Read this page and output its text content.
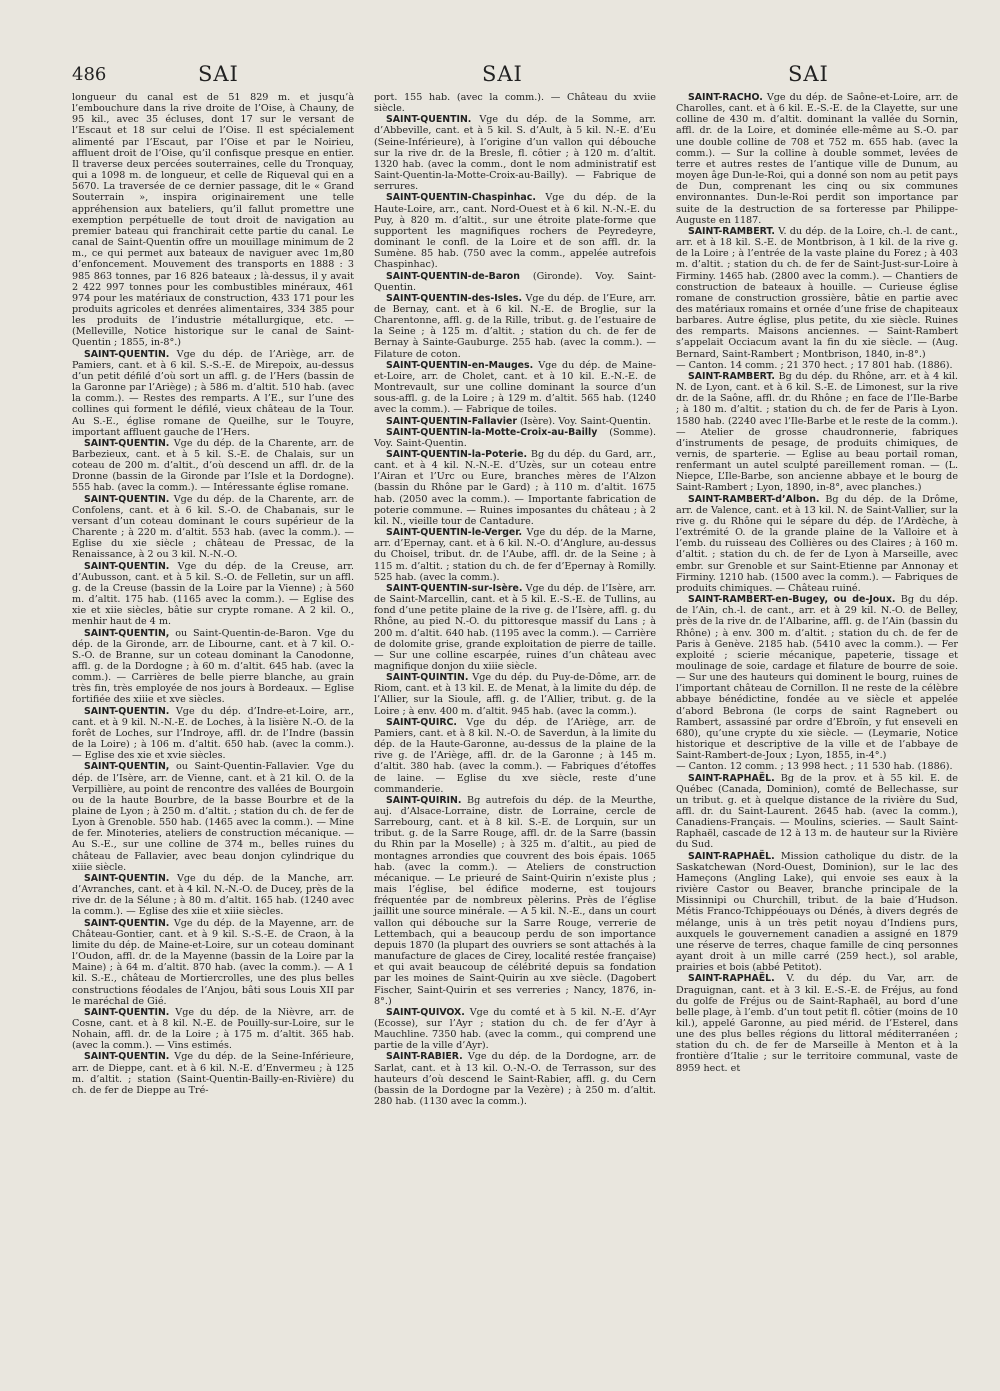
486	SAI	SAI	SAI

longueur du canal est de 51 829 m. et jusqu’à l’embouchure dans la rive droite de l’Oise, à Chauny, de 95 kil., avec 35 écluses, dont 17 sur le versant de l’Escaut et 18 sur celui de l’Oise. Il est spécialement alimenté par l’Escaut, par l’Oise et par le Noirieu, affluent droit de l’Oise, qu’il confisque presque en entier. Il traverse deux percées souterraines, celle du Tronquay, qui a 1098 m. de longueur, et celle de Riqueval qui en a 5670. La traversée de ce dernier passage, dit le « Grand Souterrain », inspira originairement une telle appréhension aux bateliers, qu’il fallut promettre une exemption perpétuelle de tout droit de navigation au premier bateau qui franchirait cette partie du canal. Le canal de Saint-Quentin offre un mouillage minimum de 2 m., ce qui permet aux bateaux de naviguer avec 1m,80 d’enfoncement. Mouvement des transports en 1888 : 3 985 863 tonnes, par 16 826 bateaux ; là-dessus, il y avait 2 422 997 tonnes pour les combustibles minéraux, 461 974 pour les matériaux de construction, 433 171 pour les produits agricoles et denrées alimentaires, 334 385 pour les produits de l’industrie métallurgique, etc. — (Melleville, Notice historique sur le canal de Saint-Quentin ; 1855, in-8°.)

SAINT-QUENTIN. Vge du dép. de l’Ariège, arr. de Pamiers, cant. et à 6 kil. S.-S.-E. de Mirepoix, au-dessus d’un petit défilé d’où sort un affl. g. de l’Hers (bassin de la Garonne par l’Ariège) ; à 586 m. d’altit. 510 hab. (avec la comm.). — Restes des remparts. A l’E., sur l’une des collines qui forment le défilé, vieux château de la Tour. Au S.-E., église romane de Queilhe, sur le Touyre, important affluent gauche de l’Hers.

SAINT-QUENTIN. Vge du dép. de la Charente, arr. de Barbezieux, cant. et à 5 kil. S.-E. de Chalais, sur un coteau de 200 m. d’altit., d’où descend un affl. dr. de la Dronne (bassin de la Gironde par l’Isle et la Dordogne). 555 hab. (avec la comm.). — Intéressante église romane.

SAINT-QUENTIN. Vge du dép. de la Charente, arr. de Confolens, cant. et à 6 kil. S.-O. de Chabanais, sur le versant d’un coteau dominant le cours supérieur de la Charente ; à 220 m. d’altit. 553 hab. (avec la comm.). — Eglise du xie siècle ; château de Pressac, de la Renaissance, à 2 ou 3 kil. N.-N.-O.

SAINT-QUENTIN. Vge du dép. de la Creuse, arr. d’Aubusson, cant. et à 5 kil. S.-O. de Felletin, sur un affl. g. de la Creuse (bassin de la Loire par la Vienne) ; à 560 m. d’altit. 175 hab. (1165 avec la comm.). — Eglise des xie et xiie siècles, bâtie sur crypte romane. A 2 kil. O., menhir haut de 4 m.

SAINT-QUENTIN, ou Saint-Quentin-de-Baron. Vge du dép. de la Gironde, arr. de Libourne, cant. et à 7 kil. O.-S.-O. de Branne, sur un coteau dominant la Canodonne, affl. g. de la Dordogne ; à 60 m. d’altit. 645 hab. (avec la comm.). — Carrières de belle pierre blanche, au grain très fin, très employée de nos jours à Bordeaux. — Eglise fortifiée des xiiie et xve siècles.

SAINT-QUENTIN. Vge du dép. d’Indre-et-Loire, arr., cant. et à 9 kil. N.-N.-E. de Loches, à la lisière N.-O. de la forêt de Loches, sur l’Indroye, affl. dr. de l’Indre (bassin de la Loire) ; à 106 m. d’altit. 650 hab. (avec la comm.). — Eglise des xie et xvie siècles.

SAINT-QUENTIN, ou Saint-Quentin-Fallavier. Vge du dép. de l’Isère, arr. de Vienne, cant. et à 21 kil. O. de la Verpillière, au point de rencontre des vallées de Bourgoin ou de la haute Bourbre, de la basse Bourbre et de la plaine de Lyon ; à 250 m. d’altit. ; station du ch. de fer de Lyon à Grenoble. 550 hab. (1465 avec la comm.). — Mine de fer. Minoteries, ateliers de construction mécanique. — Au S.-E., sur une colline de 374 m., belles ruines du château de Fallavier, avec beau donjon cylindrique du xiiie siècle.

SAINT-QUENTIN. Vge du dép. de la Manche, arr. d’Avranches, cant. et à 4 kil. N.-N.-O. de Ducey, près de la rive dr. de la Sélune ; à 80 m. d’altit. 165 hab. (1240 avec la comm.). — Eglise des xiie et xiiie siècles.

SAINT-QUENTIN. Vge du dép. de la Mayenne, arr. de Château-Gontier, cant. et à 9 kil. S.-S.-E. de Craon, à la limite du dép. de Maine-et-Loire, sur un coteau dominant l’Oudon, affl. dr. de la Mayenne (bassin de la Loire par la Maine) ; à 64 m. d’altit. 870 hab. (avec la comm.). — A 1 kil. S.-E., château de Mortiercrolles, une des plus belles constructions féodales de l’Anjou, bâti sous Louis XII par le maréchal de Gié.

SAINT-QUENTIN. Vge du dép. de la Nièvre, arr. de Cosne, cant. et à 8 kil. N.-E. de Pouilly-sur-Loire, sur le Nohain, affl. dr. de la Loire ; à 175 m. d’altit. 365 hab. (avec la comm.). — Vins estimés.

SAINT-QUENTIN. Vge du dép. de la Seine-Inférieure, arr. de Dieppe, cant. et à 6 kil. N.-E. d’Envermeu ; à 125 m. d’altit. ; station (Saint-Quentin-Bailly-en-Rivière) du ch. de fer de Dieppe au Tré-

port. 155 hab. (avec la comm.). — Château du xviie siècle.

SAINT-QUENTIN. Vge du dép. de la Somme, arr. d’Abbeville, cant. et à 5 kil. S. d’Ault, à 5 kil. N.-E. d’Eu (Seine-Inférieure), à l’origine d’un vallon qui débouche sur la rive dr. de la Bresle, fl. côtier ; à 120 m. d’altit. 1320 hab. (avec la comm., dont le nom administratif est Saint-Quentin-la-Motte-Croix-au-Bailly). — Fabrique de serrures.

SAINT-QUENTIN-Chaspinhac. Vge du dép. de la Haute-Loire, arr., cant. Nord-Ouest et à 6 kil. N.-N.-E. du Puy, à 820 m. d’altit., sur une étroite plate-forme que supportent les magnifiques rochers de Peyredeyre, dominant le confl. de la Loire et de son affl. dr. la Sumène. 85 hab. (750 avec la comm., appelée autrefois Chaspinhac).

SAINT-QUENTIN-de-Baron (Gironde). Voy. Saint-Quentin.

SAINT-QUENTIN-des-Isles. Vge du dép. de l’Eure, arr. de Bernay, cant. et à 6 kil. N.-E. de Broglie, sur la Charentonne, affl. g. de la Rille, tribut. g. de l’estuaire de la Seine ; à 125 m. d’altit. ; station du ch. de fer de Bernay à Sainte-Gauburge. 255 hab. (avec la comm.). — Filature de coton.

SAINT-QUENTIN-en-Mauges. Vge du dép. de Maine-et-Loire, arr. de Cholet, cant. et à 10 kil. E.-N.-E. de Montrevault, sur une colline dominant la source d’un sous-affl. g. de la Loire ; à 129 m. d’altit. 565 hab. (1240 avec la comm.). — Fabrique de toiles.

SAINT-QUENTIN-Fallavier (Isère). Voy. Saint-Quentin.

SAINT-QUENTIN-la-Motte-Croix-au-Bailly (Somme). Voy. Saint-Quentin.

SAINT-QUENTIN-la-Poterie. Bg du dép. du Gard, arr., cant. et à 4 kil. N.-N.-E. d’Uzès, sur un coteau entre l’Airan et l’Urc ou Eure, branches mères de l’Alzon (bassin du Rhône par le Gard) ; à 110 m. d’altit. 1675 hab. (2050 avec la comm.). — Importante fabrication de poterie commune. — Ruines imposantes du château ; à 2 kil. N., vieille tour de Cantadure.

SAINT-QUENTIN-le-Verger. Vge du dép. de la Marne, arr. d’Epernay, cant. et à 6 kil. N.-O. d’Anglure, au-dessus du Choisel, tribut. dr. de l’Aube, affl. dr. de la Seine ; à 115 m. d’altit. ; station du ch. de fer d’Epernay à Romilly. 525 hab. (avec la comm.).

SAINT-QUENTIN-sur-Isère. Vge du dép. de l’Isère, arr. de Saint-Marcellin, cant. et à 5 kil. E.-S.-E. de Tullins, au fond d’une petite plaine de la rive g. de l’Isère, affl. g. du Rhône, au pied N.-O. du pittoresque massif du Lans ; à 200 m. d’altit. 640 hab. (1195 avec la comm.). — Carrière de dolomite grise, grande exploitation de pierre de taille. — Sur une colline escarpée, ruines d’un château avec magnifique donjon du xiiie siècle.

SAINT-QUINTIN. Vge du dép. du Puy-de-Dôme, arr. de Riom, cant. et à 13 kil. E. de Menat, à la limite du dép. de l’Allier, sur la Sioule, affl. g. de l’Allier, tribut. g. de la Loire ; à env. 400 m. d’altit. 945 hab. (avec la comm.).

SAINT-QUIRC. Vge du dép. de l’Ariège, arr. de Pamiers, cant. et à 8 kil. N.-O. de Saverdun, à la limite du dép. de la Haute-Garonne, au-dessus de la plaine de la rive g. de l’Ariège, affl. dr. de la Garonne ; à 145 m. d’altit. 380 hab. (avec la comm.). — Fabriques d’étoffes de laine. — Eglise du xve siècle, reste d’une commanderie.

SAINT-QUIRIN. Bg autrefois du dép. de la Meurthe, auj. d’Alsace-Lorraine, distr. de Lorraine, cercle de Sarrebourg, cant. et à 8 kil. S.-E. de Lorquin, sur un tribut. g. de la Sarre Rouge, affl. dr. de la Sarre (bassin du Rhin par la Moselle) ; à 325 m. d’altit., au pied de montagnes arrondies que couvrent des bois épais. 1065 hab. (avec la comm.). — Ateliers de construction mécanique. — Le prieuré de Saint-Quirin n’existe plus ; mais l’église, bel édifice moderne, est toujours fréquentée par de nombreux pèlerins. Près de l’église jaillit une source minérale. — A 5 kil. N.-E., dans un court vallon qui débouche sur la Sarre Rouge, verrerie de Lettembach, qui a beaucoup perdu de son importance depuis 1870 (la plupart des ouvriers se sont attachés à la manufacture de glaces de Cirey, localité restée française) et qui avait beaucoup de célébrité depuis sa fondation par les moines de Saint-Quirin au xve siècle. (Dagobert Fischer, Saint-Quirin et ses verreries ; Nancy, 1876, in-8°.)

SAINT-QUIVOX. Vge du comté et à 5 kil. N.-E. d’Ayr (Ecosse), sur l’Ayr ; station du ch. de fer d’Ayr à Mauchline. 7350 hab. (avec la comm., qui comprend une partie de la ville d’Ayr).

SAINT-RABIER. Vge du dép. de la Dordogne, arr. de Sarlat, cant. et à 13 kil. O.-N.-O. de Terrasson, sur des hauteurs d’où descend le Saint-Rabier, affl. g. du Cern (bassin de la Dordogne par la Vezère) ; à 250 m. d’altit. 280 hab. (1130 avec la comm.).

SAINT-RACHO. Vge du dép. de Saône-et-Loire, arr. de Charolles, cant. et à 6 kil. E.-S.-E. de la Clayette, sur une colline de 430 m. d’altit. dominant la vallée du Sornin, affl. dr. de la Loire, et dominée elle-même au S.-O. par une double colline de 708 et 752 m. 655 hab. (avec la comm.). — Sur la colline à double sommet, levées de terre et autres restes de l’antique ville de Dunum, au moyen âge Dun-le-Roi, qui a donné son nom au petit pays de Dun, comprenant les cinq ou six communes environnantes. Dun-le-Roi perdit son importance par suite de la destruction de sa forteresse par Philippe-Auguste en 1187.

SAINT-RAMBERT. V. du dép. de la Loire, ch.-l. de cant., arr. et à 18 kil. S.-E. de Montbrison, à 1 kil. de la rive g. de la Loire ; à l’entrée de la vaste plaine du Forez ; à 403 m. d’altit. ; station du ch. de fer de Saint-Just-sur-Loire à Firminy. 1465 hab. (2800 avec la comm.). — Chantiers de construction de bateaux à houille. — Curieuse église romane de construction grossière, bâtie en partie avec des matériaux romains et ornée d’une frise de chapiteaux barbares. Autre église, plus petite, du xie siècle. Ruines des remparts. Maisons anciennes. — Saint-Rambert s’appelait Occiacum avant la fin du xie siècle. — (Aug. Bernard, Saint-Rambert ; Montbrison, 1840, in-8°.)

— Canton. 14 comm. ; 21 370 hect. ; 17 801 hab. (1886).

SAINT-RAMBERT. Bg du dép. du Rhône, arr. et à 4 kil. N. de Lyon, cant. et à 6 kil. S.-E. de Limonest, sur la rive dr. de la Saône, affl. dr. du Rhône ; en face de l’Ile-Barbe ; à 180 m. d’altit. ; station du ch. de fer de Paris à Lyon. 1580 hab. (2240 avec l’Ile-Barbe et le reste de la comm.). — Atelier de grosse chaudronnerie, fabriques d’instruments de pesage, de produits chimiques, de vernis, de sparterie. — Eglise au beau portail roman, renfermant un autel sculpté pareillement roman. — (L. Niepce, L’Ile-Barbe, son ancienne abbaye et le bourg de Saint-Rambert ; Lyon, 1890, in-8°, avec planches.)

SAINT-RAMBERT-d’Albon. Bg du dép. de la Drôme, arr. de Valence, cant. et à 13 kil. N. de Saint-Vallier, sur la rive g. du Rhône qui le sépare du dép. de l’Ardèche, à l’extrémité O. de la grande plaine de la Valloire et à l’emb. du ruisseau des Collières ou des Claires ; à 160 m. d’altit. ; station du ch. de fer de Lyon à Marseille, avec embr. sur Grenoble et sur Saint-Etienne par Annonay et Firminy. 1210 hab. (1500 avec la comm.). — Fabriques de produits chimiques. — Château ruiné.

SAINT-RAMBERT-en-Bugey, ou de-Joux. Bg du dép. de l’Ain, ch.-l. de cant., arr. et à 29 kil. N.-O. de Belley, près de la rive dr. de l’Albarine, affl. g. de l’Ain (bassin du Rhône) ; à env. 300 m. d’altit. ; station du ch. de fer de Paris à Genève. 2185 hab. (5410 avec la comm.). — Fer exploité ; scierie mécanique, papeterie, tissage et moulinage de soie, cardage et filature de bourre de soie. — Sur une des hauteurs qui dominent le bourg, ruines de l’important château de Cornillon. Il ne reste de la célèbre abbaye bénédictine, fondée au ve siècle et appelée d’abord Bebrona (le corps de saint Ragnebert ou Rambert, assassiné par ordre d’Ebroïn, y fut enseveli en 680), qu’une crypte du xie siècle. — (Leymarie, Notice historique et descriptive de la ville et de l’abbaye de Saint-Rambert-de-Joux ; Lyon, 1855, in-4°.)

— Canton. 12 comm. ; 13 998 hect. ; 11 530 hab. (1886).

SAINT-RAPHAËL. Bg de la prov. et à 55 kil. E. de Québec (Canada, Dominion), comté de Bellechasse, sur un tribut. g. et à quelque distance de la rivière du Sud, affl. dr. du Saint-Laurent. 2645 hab. (avec la comm.), Canadiens-Français. — Moulins, scieries. — Sault Saint-Raphaël, cascade de 12 à 13 m. de hauteur sur la Rivière du Sud.

SAINT-RAPHAËL. Mission catholique du distr. de la Saskatchewan (Nord-Ouest, Dominion), sur le lac des Hameçons (Angling Lake), qui envoie ses eaux à la rivière Castor ou Beaver, branche principale de la Missinnipi ou Churchill, tribut. de la baie d’Hudson. Métis Franco-Tchippéouays ou Dénés, à divers degrés de mélange, unis à un très petit noyau d’Indiens purs, auxquels le gouvernement canadien a assigné en 1879 une réserve de terres, chaque famille de cinq personnes ayant droit à un mille carré (259 hect.), sol arable, prairies et bois (abbé Petitot).

SAINT-RAPHAËL. V. du dép. du Var, arr. de Draguignan, cant. et à 3 kil. E.-S.-E. de Fréjus, au fond du golfe de Fréjus ou de Saint-Raphaël, au bord d’une belle plage, à l’emb. d’un tout petit fl. côtier (moins de 10 kil.), appelé Garonne, au pied mérid. de l’Esterel, dans une des plus belles régions du littoral méditerranéen ; station du ch. de fer de Marseille à Menton et à la frontière d’Italie ; sur le territoire communal, vaste de 8959 hect. et
